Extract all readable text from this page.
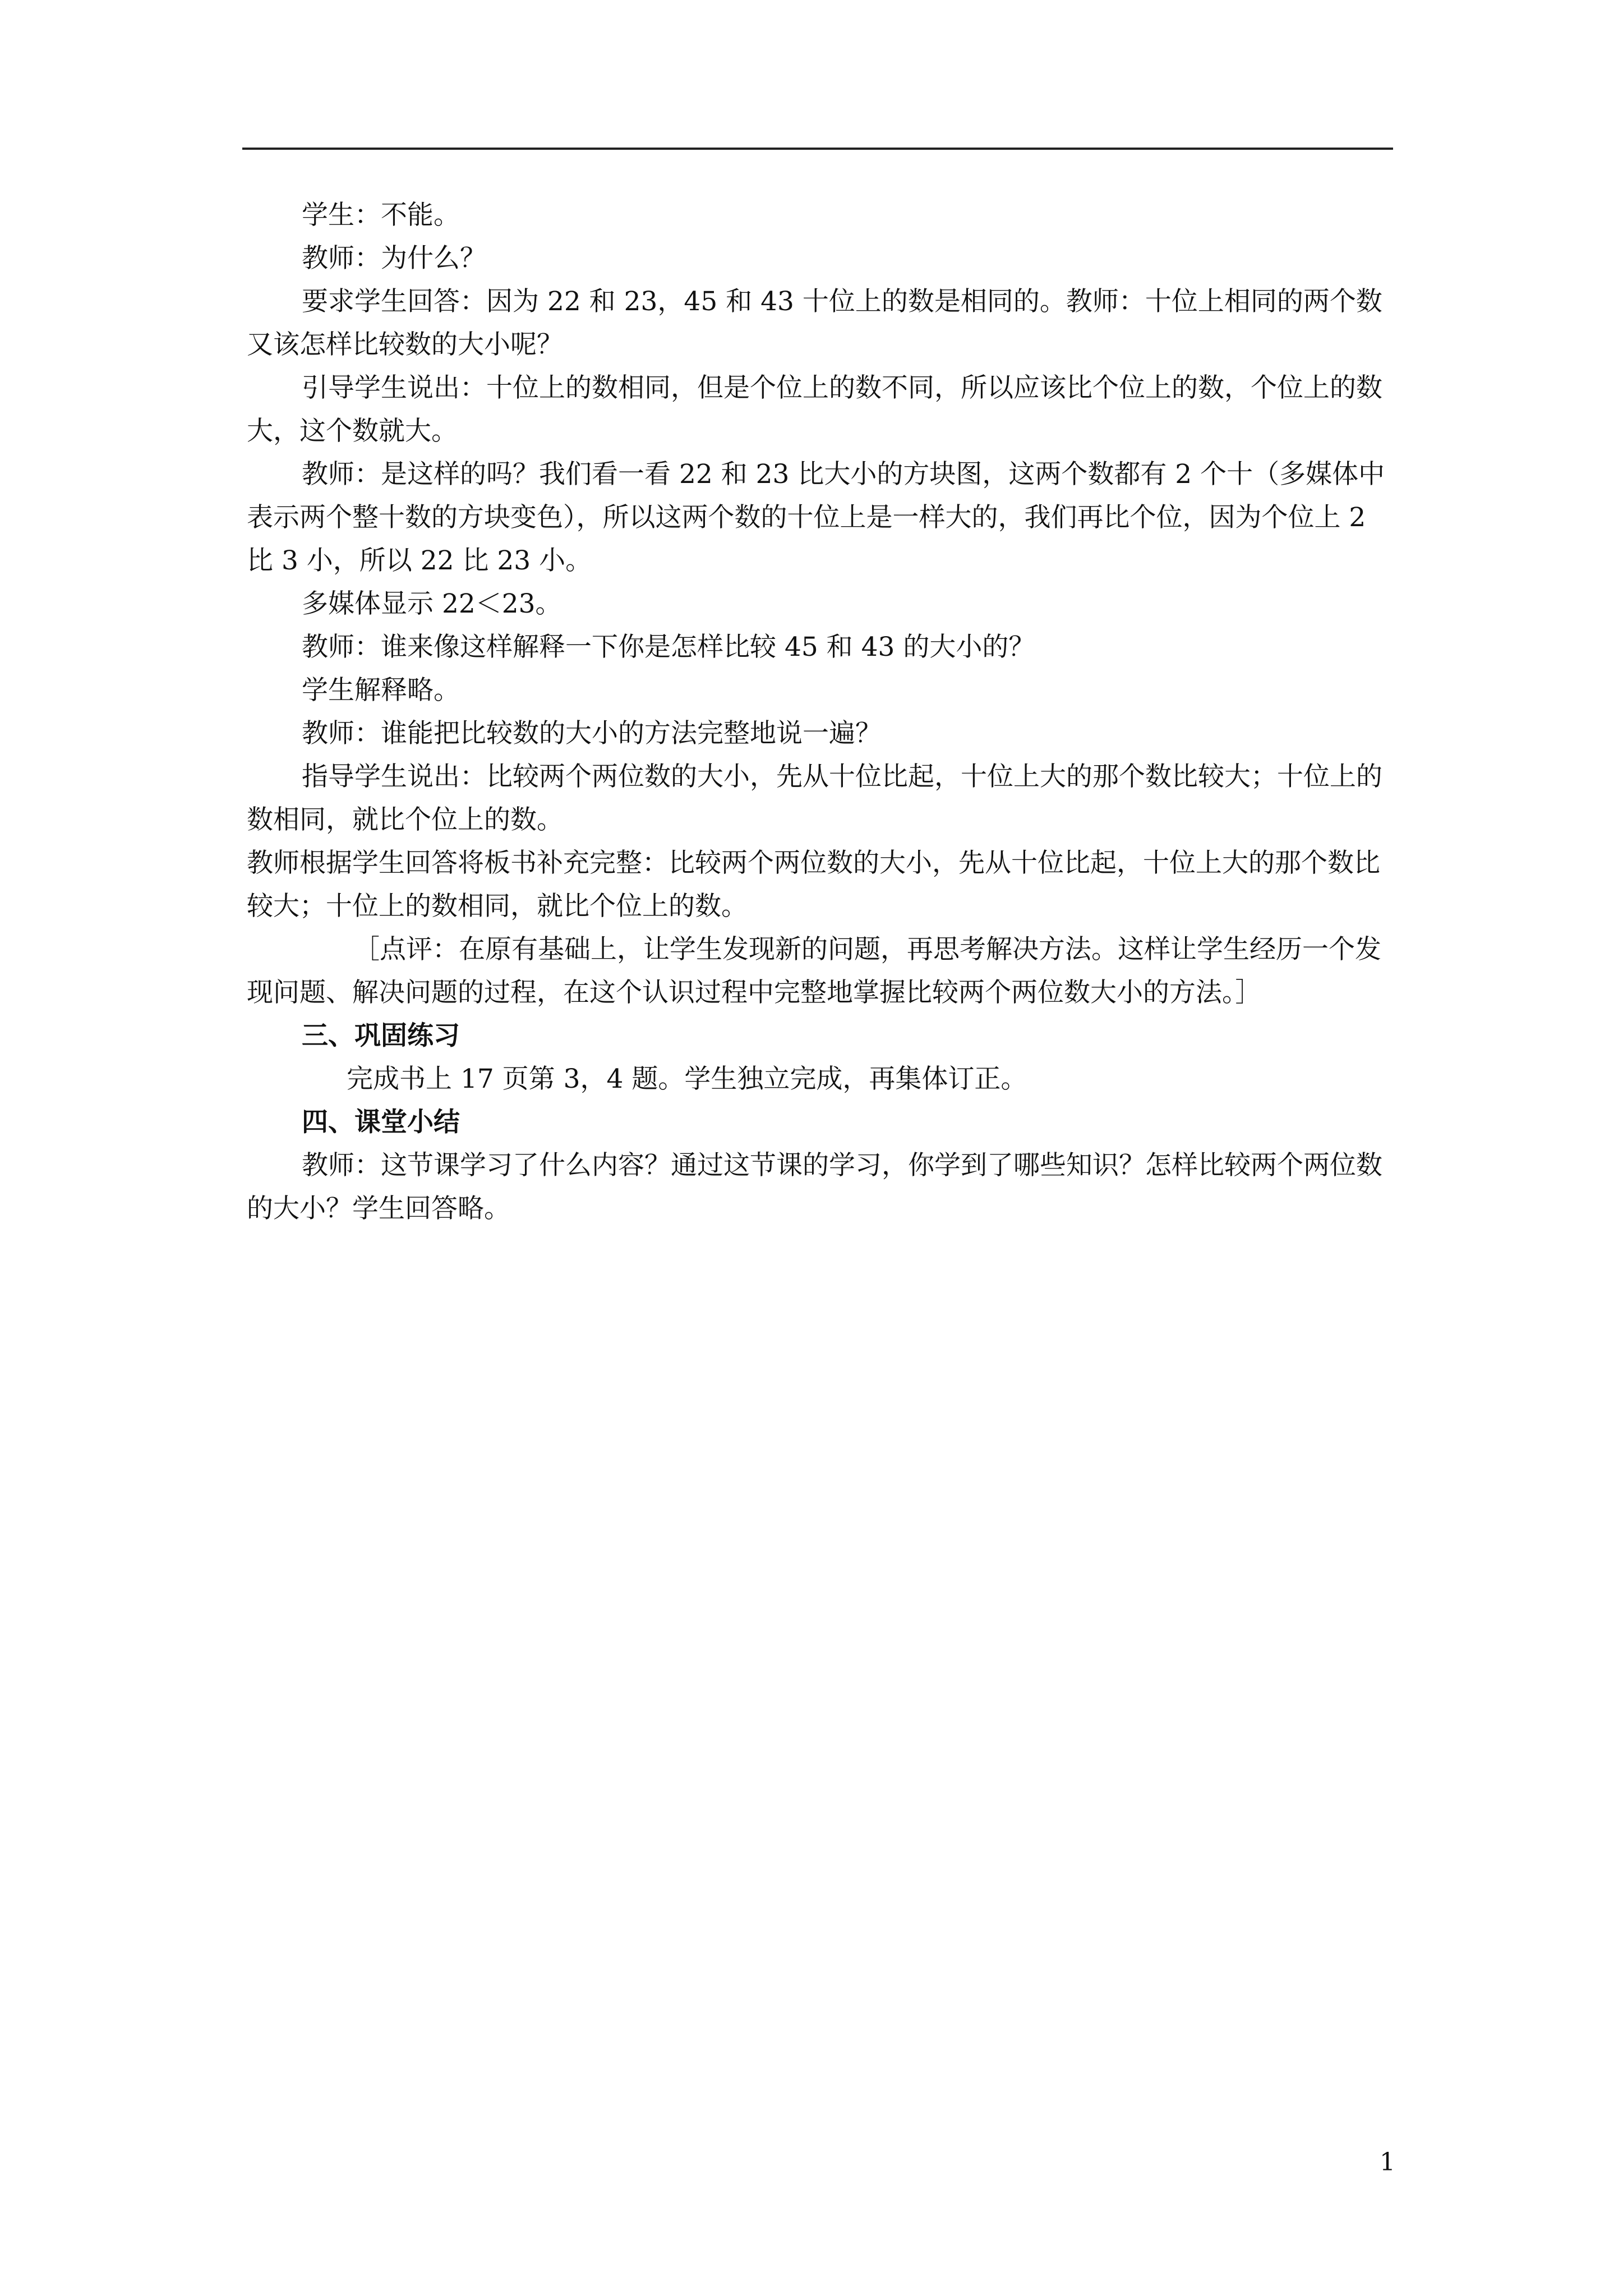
学生：不能。

教师：为什么？

要求学生回答：因为 22 和 23，45 和 43 十位上的数是相同的。教师：十位上相同的两个数又该怎样比较数的大小呢？

引导学生说出：十位上的数相同，但是个位上的数不同，所以应该比个位上的数，个位上的数大，这个数就大。

教师：是这样的吗？我们看一看 22 和 23 比大小的方块图，这两个数都有 2 个十（多媒体中表示两个整十数的方块变色），所以这两个数的十位上是一样大的，我们再比个位，因为个位上 2 比 3 小，所以 22 比 23 小。

多媒体显示 22＜23。

教师：谁来像这样解释一下你是怎样比较 45 和 43 的大小的？

学生解释略。

教师：谁能把比较数的大小的方法完整地说一遍？

指导学生说出：比较两个两位数的大小，先从十位比起，十位上大的那个数比较大；十位上的数相同，就比个位上的数。

教师根据学生回答将板书补充完整：比较两个两位数的大小，先从十位比起，十位上大的那个数比较大；十位上的数相同，就比个位上的数。

［点评：在原有基础上，让学生发现新的问题，再思考解决方法。这样让学生经历一个发现问题、解决问题的过程，在这个认识过程中完整地掌握比较两个两位数大小的方法。］

三、巩固练习

完成书上 17 页第 3，4 题。学生独立完成，再集体订正。

四、课堂小结

教师：这节课学习了什么内容？通过这节课的学习，你学到了哪些知识？怎样比较两个两位数的大小？学生回答略。

1
